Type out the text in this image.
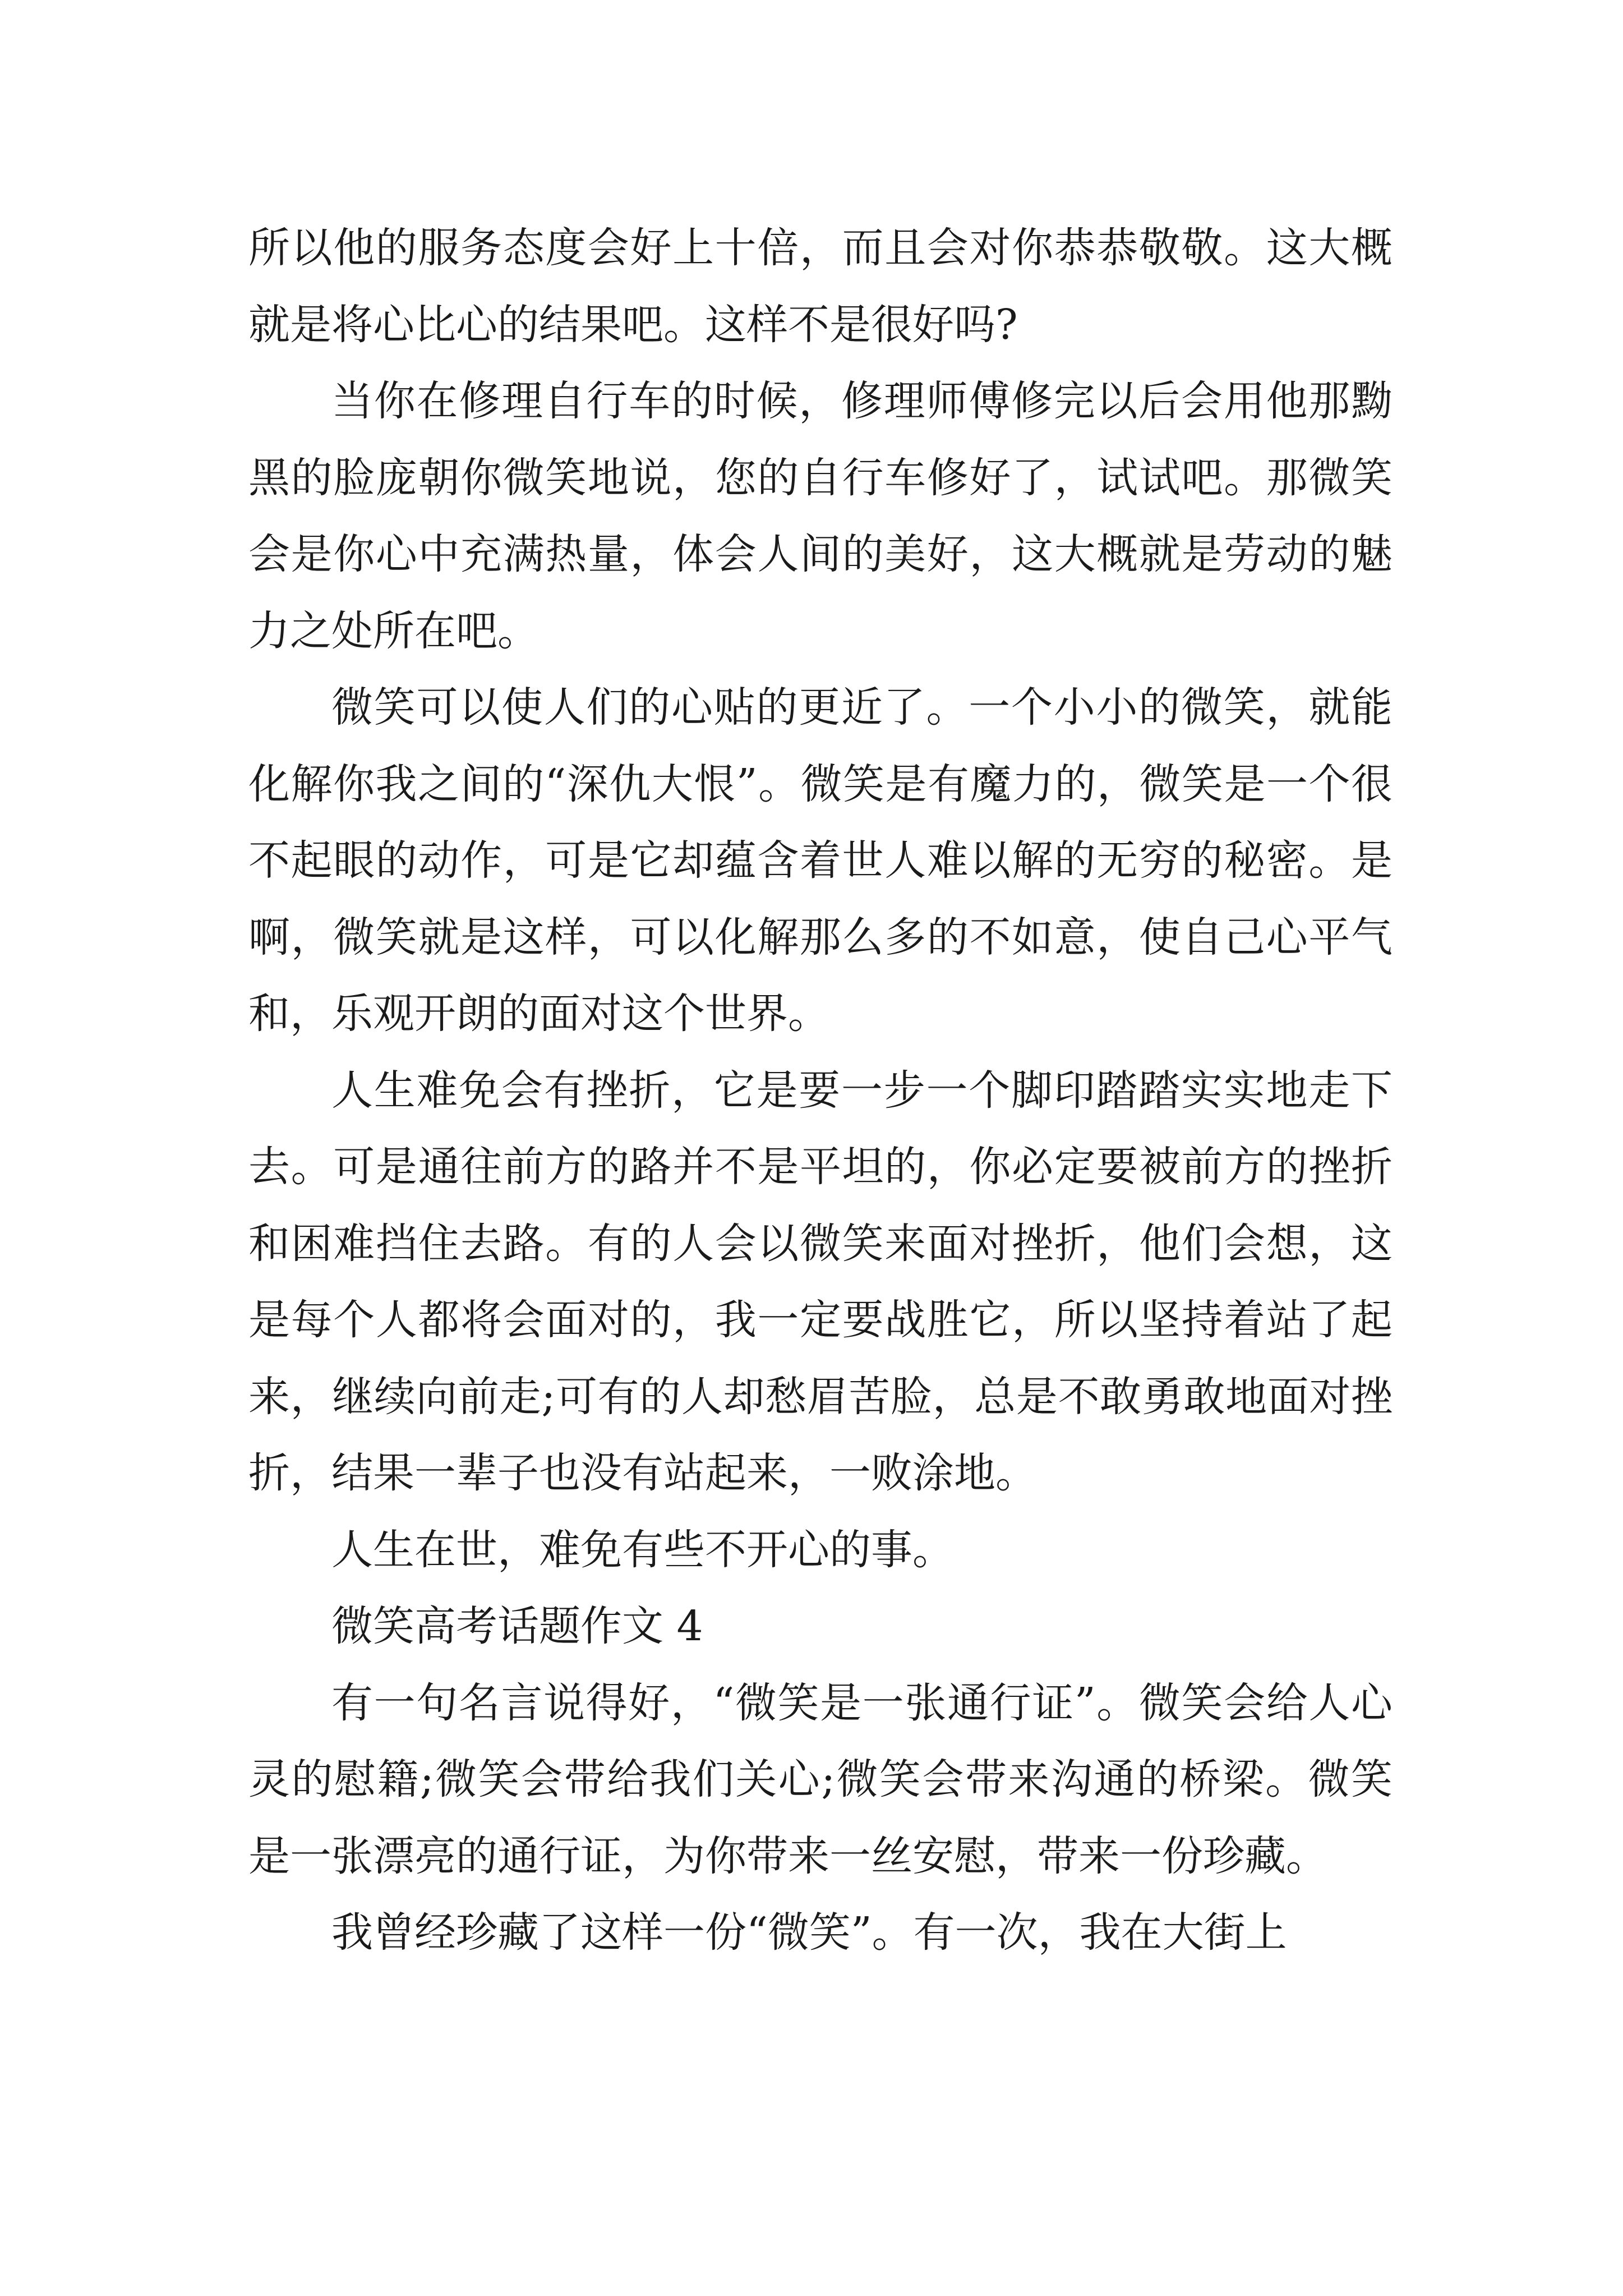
所以他的服务态度会好上十倍，而且会对你恭恭敬敬。这大概就是将心比心的结果吧。这样不是很好吗?

当你在修理自行车的时候，修理师傅修完以后会用他那黝黑的脸庞朝你微笑地说，您的自行车修好了，试试吧。那微笑会是你心中充满热量，体会人间的美好，这大概就是劳动的魅力之处所在吧。

微笑可以使人们的心贴的更近了。一个小小的微笑，就能化解你我之间的“深仇大恨”。微笑是有魔力的，微笑是一个很不起眼的动作，可是它却蕴含着世人难以解的无穷的秘密。是啊，微笑就是这样，可以化解那么多的不如意，使自己心平气和，乐观开朗的面对这个世界。

人生难免会有挫折，它是要一步一个脚印踏踏实实地走下去。可是通往前方的路并不是平坦的，你必定要被前方的挫折和困难挡住去路。有的人会以微笑来面对挫折，他们会想，这是每个人都将会面对的，我一定要战胜它，所以坚持着站了起来，继续向前走;可有的人却愁眉苦脸，总是不敢勇敢地面对挫折，结果一辈子也没有站起来，一败涂地。

人生在世，难免有些不开心的事。

微笑高考话题作文 4

有一句名言说得好，“微笑是一张通行证”。微笑会给人心灵的慰籍;微笑会带给我们关心;微笑会带来沟通的桥梁。微笑是一张漂亮的通行证，为你带来一丝安慰，带来一份珍藏。

我曾经珍藏了这样一份“微笑”。有一次，我在大街上
